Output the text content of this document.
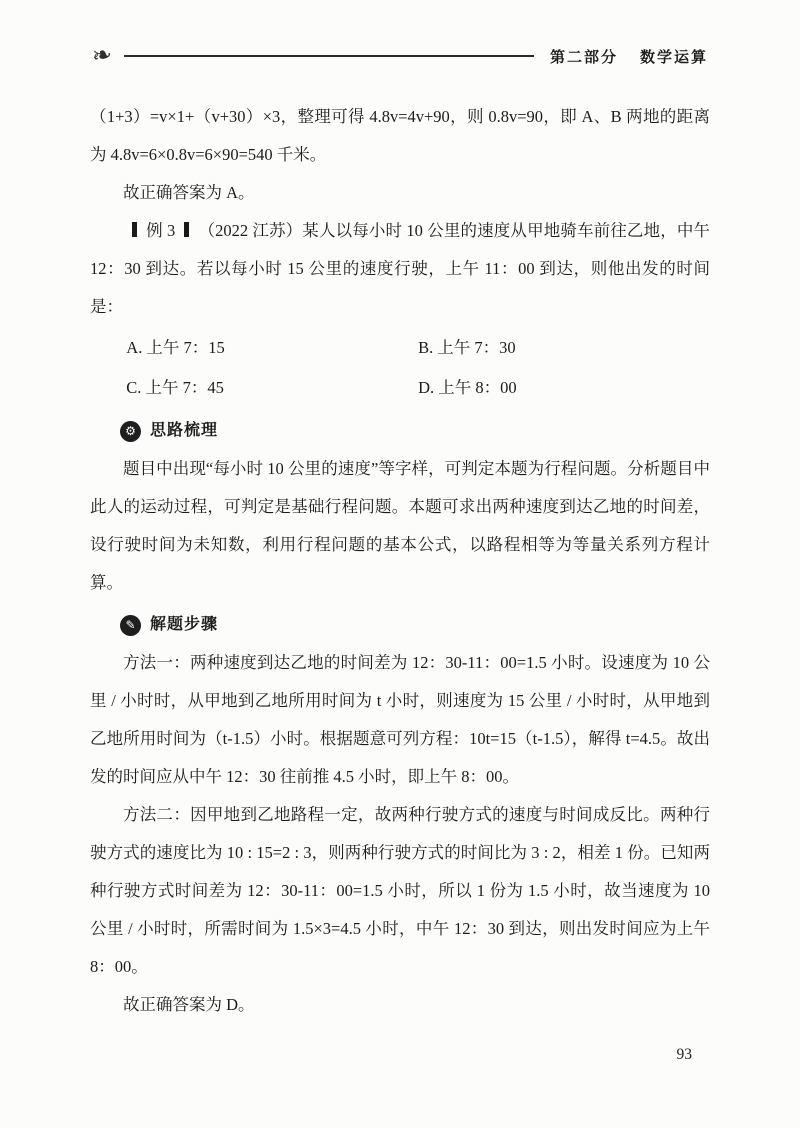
❧	第二部分 数学运算

（1+3）=v×1+（v+30）×3，整理可得 4.8v=4v+90，则 0.8v=90，即 A、B 两地的距离为 4.8v=6×0.8v=6×90=540 千米。

故正确答案为 A。

例 3 （2022 江苏）某人以每小时 10 公里的速度从甲地骑车前往乙地，中午 12：30 到达。若以每小时 15 公里的速度行驶，上午 11：00 到达，则他出发的时间是：

A. 上午 7：15	B. 上午 7：30
C. 上午 7：45	D. 上午 8：00
⚙ 思路梳理

题目中出现“每小时 10 公里的速度”等字样，可判定本题为行程问题。分析题目中此人的运动过程，可判定是基础行程问题。本题可求出两种速度到达乙地的时间差，设行驶时间为未知数，利用行程问题的基本公式，以路程相等为等量关系列方程计算。

✎ 解题步骤

方法一：两种速度到达乙地的时间差为 12：30-11：00=1.5 小时。设速度为 10 公里 / 小时时，从甲地到乙地所用时间为 t 小时，则速度为 15 公里 / 小时时，从甲地到乙地所用时间为（t-1.5）小时。根据题意可列方程：10t=15（t-1.5），解得 t=4.5。故出发的时间应从中午 12：30 往前推 4.5 小时，即上午 8：00。

方法二：因甲地到乙地路程一定，故两种行驶方式的速度与时间成反比。两种行驶方式的速度比为 10 : 15=2 : 3，则两种行驶方式的时间比为 3 : 2，相差 1 份。已知两种行驶方式时间差为 12：30-11：00=1.5 小时，所以 1 份为 1.5 小时，故当速度为 10 公里 / 小时时，所需时间为 1.5×3=4.5 小时，中午 12：30 到达，则出发时间应为上午 8：00。

故正确答案为 D。

93
